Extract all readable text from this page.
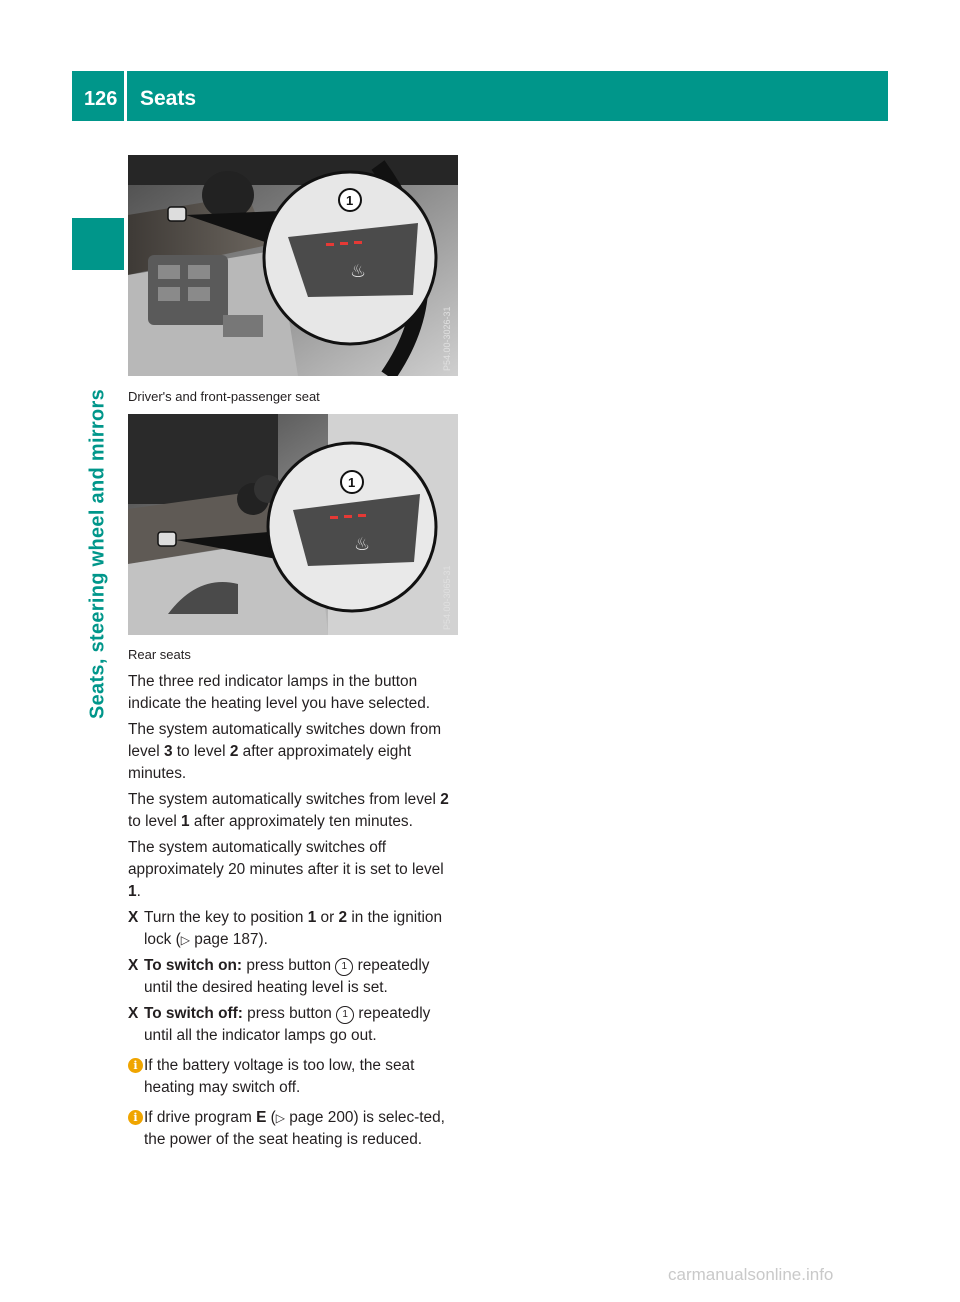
126 Seats
Seats, steering wheel and mirrors
♨
1
P54.00-3026-31
Driver's and front-passenger seat
♨
1
P54.00-3065-31
Rear seats

The three red indicator lamps in the button indicate the heating level you have selected.

The system automatically switches down from level 3 to level 2 after approximately eight minutes.

The system automatically switches from level 2 to level 1 after approximately ten minutes.

The system automatically switches off approximately 20 minutes after it is set to level 1.

X Turn the key to position 1 or 2 in the ignition lock (▷ page 187).
X To switch on: press button 1 repeatedly until the desired heating level is set.
X To switch off: press button 1 repeatedly until all the indicator lamps go out.
i If the battery voltage is too low, the seat heating may switch off.
i If drive program E (▷ page 200) is selec-ted, the power of the seat heating is reduced.
carmanualsonline.info
